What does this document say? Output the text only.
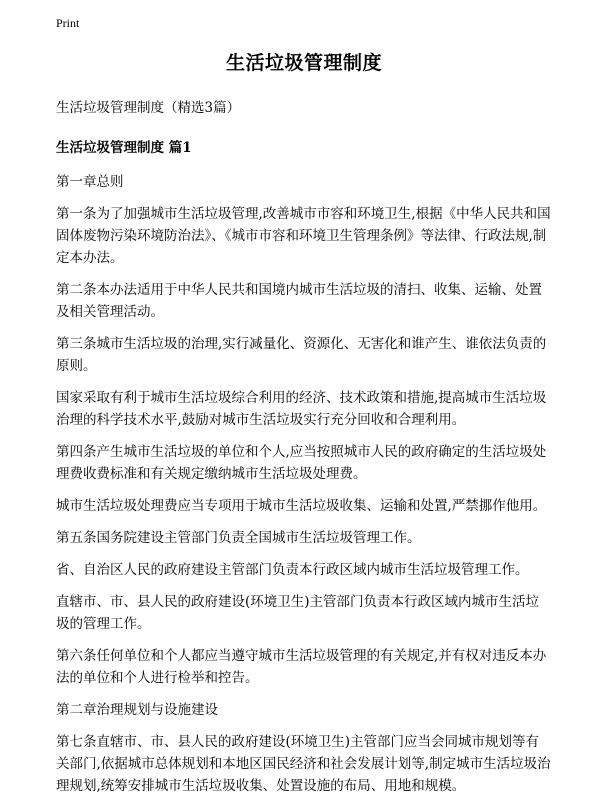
Print
生活垃圾管理制度

生活垃圾管理制度（精选3篇）

生活垃圾管理制度 篇1

第一章总则

第一条为了加强城市生活垃圾管理,改善城市市容和环境卫生,根据《中华人民共和国固体废物污染环境防治法》、《城市市容和环境卫生管理条例》等法律、行政法规,制定本办法。

第二条本办法适用于中华人民共和国境内城市生活垃圾的清扫、收集、运输、处置及相关管理活动。

第三条城市生活垃圾的治理,实行减量化、资源化、无害化和谁产生、谁依法负责的原则。

国家采取有利于城市生活垃圾综合利用的经济、技术政策和措施,提高城市生活垃圾治理的科学技术水平,鼓励对城市生活垃圾实行充分回收和合理利用。

第四条产生城市生活垃圾的单位和个人,应当按照城市人民的政府确定的生活垃圾处理费收费标准和有关规定缴纳城市生活垃圾处理费。

城市生活垃圾处理费应当专项用于城市生活垃圾收集、运输和处置,严禁挪作他用。

第五条国务院建设主管部门负责全国城市生活垃圾管理工作。

省、自治区人民的政府建设主管部门负责本行政区域内城市生活垃圾管理工作。

直辖市、市、县人民的政府建设(环境卫生)主管部门负责本行政区域内城市生活垃圾的管理工作。

第六条任何单位和个人都应当遵守城市生活垃圾管理的有关规定,并有权对违反本办法的单位和个人进行检举和控告。

第二章治理规划与设施建设

第七条直辖市、市、县人民的政府建设(环境卫生)主管部门应当会同城市规划等有关部门,依据城市总体规划和本地区国民经济和社会发展计划等,制定城市生活垃圾治理规划,统筹安排城市生活垃圾收集、处置设施的布局、用地和规模。
